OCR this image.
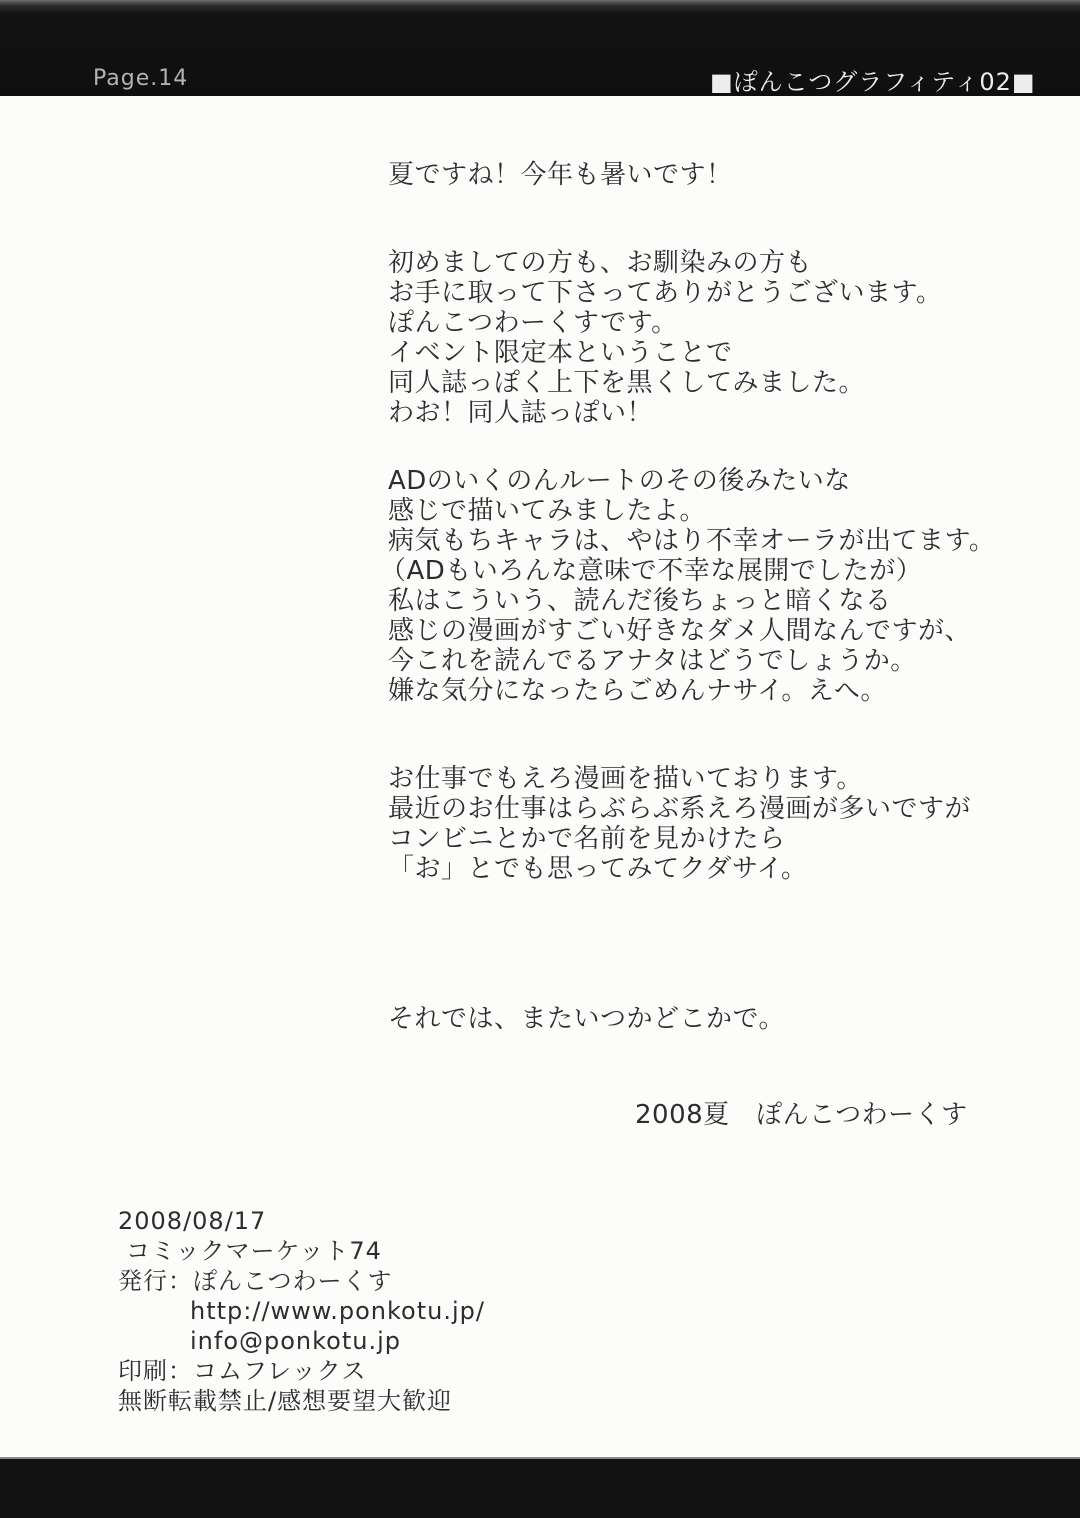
Page.14	■ぽんこつグラフィティ02■
夏ですね！今年も暑いです！
初めましての方も、お馴染みの方も
お手に取って下さってありがとうございます。
ぽんこつわーくすです。
イベント限定本ということで
同人誌っぽく上下を黒くしてみました。
わお！同人誌っぽい！
ADのいくのんルートのその後みたいな
感じで描いてみましたよ。
病気もちキャラは、やはり不幸オーラが出てます。
（ADもいろんな意味で不幸な展開でしたが）
私はこういう、読んだ後ちょっと暗くなる
感じの漫画がすごい好きなダメ人間なんですが、
今これを読んでるアナタはどうでしょうか。
嫌な気分になったらごめんナサイ。えへ。
お仕事でもえろ漫画を描いております。
最近のお仕事はらぶらぶ系えろ漫画が多いですが
コンビニとかで名前を見かけたら
「お」とでも思ってみてクダサイ。
それでは、またいつかどこかで。
2008夏　ぽんこつわーくす
2008/08/17
コミックマーケット74
発行：ぽんこつわーくす
http://www.ponkotu.jp/
info@ponkotu.jp
印刷：コムフレックス
無断転載禁止/感想要望大歓迎
